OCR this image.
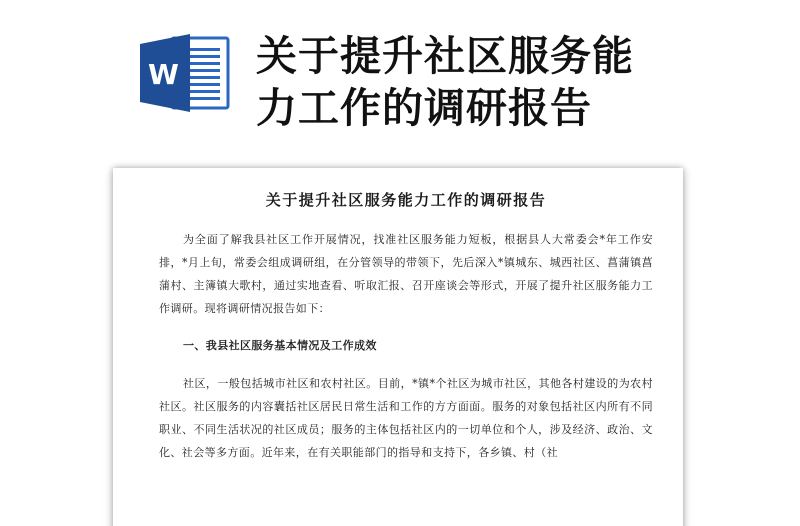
W 关于提升社区服务能
力工作的调研报告
关于提升社区服务能力工作的调研报告

为全面了解我县社区工作开展情况，找准社区服务能力短板，根据县人大常委会*年工作安排，*月上旬，常委会组成调研组，在分管领导的带领下，先后深入*镇城东、城西社区、菖蒲镇菖蒲村、主簿镇大歌村，通过实地查看、听取汇报、召开座谈会等形式，开展了提升社区服务能力工作调研。现将调研情况报告如下：

一、我县社区服务基本情况及工作成效

社区，一般包括城市社区和农村社区。目前，*镇*个社区为城市社区，其他各村建设的为农村社区。社区服务的内容囊括社区居民日常生活和工作的方方面面。服务的对象包括社区内所有不同职业、不同生活状况的社区成员；服务的主体包括社区内的一切单位和个人，涉及经济、政治、文化、社会等多方面。近年来，在有关职能部门的指导和支持下，各乡镇、村（社
